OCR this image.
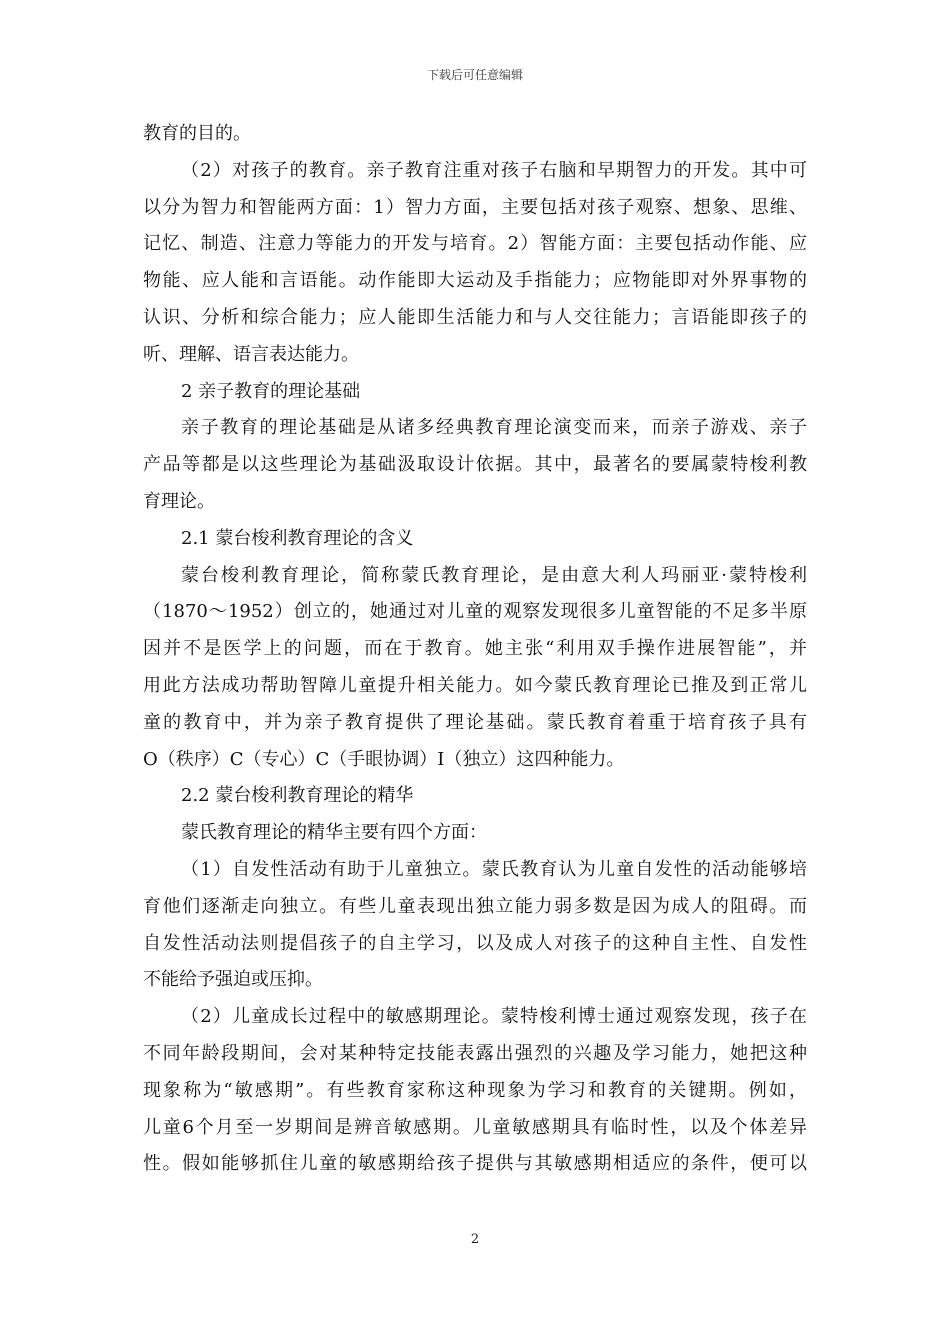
下载后可任意编辑
教育的目的。
（2）对孩子的教育。亲子教育注重对孩子右脑和早期智力的开发。其中可
以分为智力和智能两方面：1）智力方面，主要包括对孩子观察、想象、思维、
记忆、制造、注意力等能力的开发与培育。2）智能方面：主要包括动作能、应
物能、应人能和言语能。动作能即大运动及手指能力；应物能即对外界事物的
认识、分析和综合能力；应人能即生活能力和与人交往能力；言语能即孩子的
听、理解、语言表达能力。
2 亲子教育的理论基础
亲子教育的理论基础是从诸多经典教育理论演变而来，而亲子游戏、亲子
产品等都是以这些理论为基础汲取设计依据。其中，最著名的要属蒙特梭利教
育理论。
2.1 蒙台梭利教育理论的含义
蒙台梭利教育理论，简称蒙氏教育理论，是由意大利人玛丽亚·蒙特梭利
（1870～1952）创立的，她通过对儿童的观察发现很多儿童智能的不足多半原
因并不是医学上的问题，而在于教育。她主张“利用双手操作进展智能”，并
用此方法成功帮助智障儿童提升相关能力。如今蒙氏教育理论已推及到正常儿
童的教育中，并为亲子教育提供了理论基础。蒙氏教育着重于培育孩子具有
O（秩序）C（专心）C（手眼协调）I（独立）这四种能力。
2.2 蒙台梭利教育理论的精华
蒙氏教育理论的精华主要有四个方面：
（1）自发性活动有助于儿童独立。蒙氏教育认为儿童自发性的活动能够培
育他们逐渐走向独立。有些儿童表现出独立能力弱多数是因为成人的阻碍。而
自发性活动法则提倡孩子的自主学习，以及成人对孩子的这种自主性、自发性
不能给予强迫或压抑。
（2）儿童成长过程中的敏感期理论。蒙特梭利博士通过观察发现，孩子在
不同年龄段期间，会对某种特定技能表露出强烈的兴趣及学习能力，她把这种
现象称为“敏感期”。有些教育家称这种现象为学习和教育的关键期。例如，
儿童6个月至一岁期间是辨音敏感期。儿童敏感期具有临时性，以及个体差异
性。假如能够抓住儿童的敏感期给孩子提供与其敏感期相适应的条件，便可以
2
